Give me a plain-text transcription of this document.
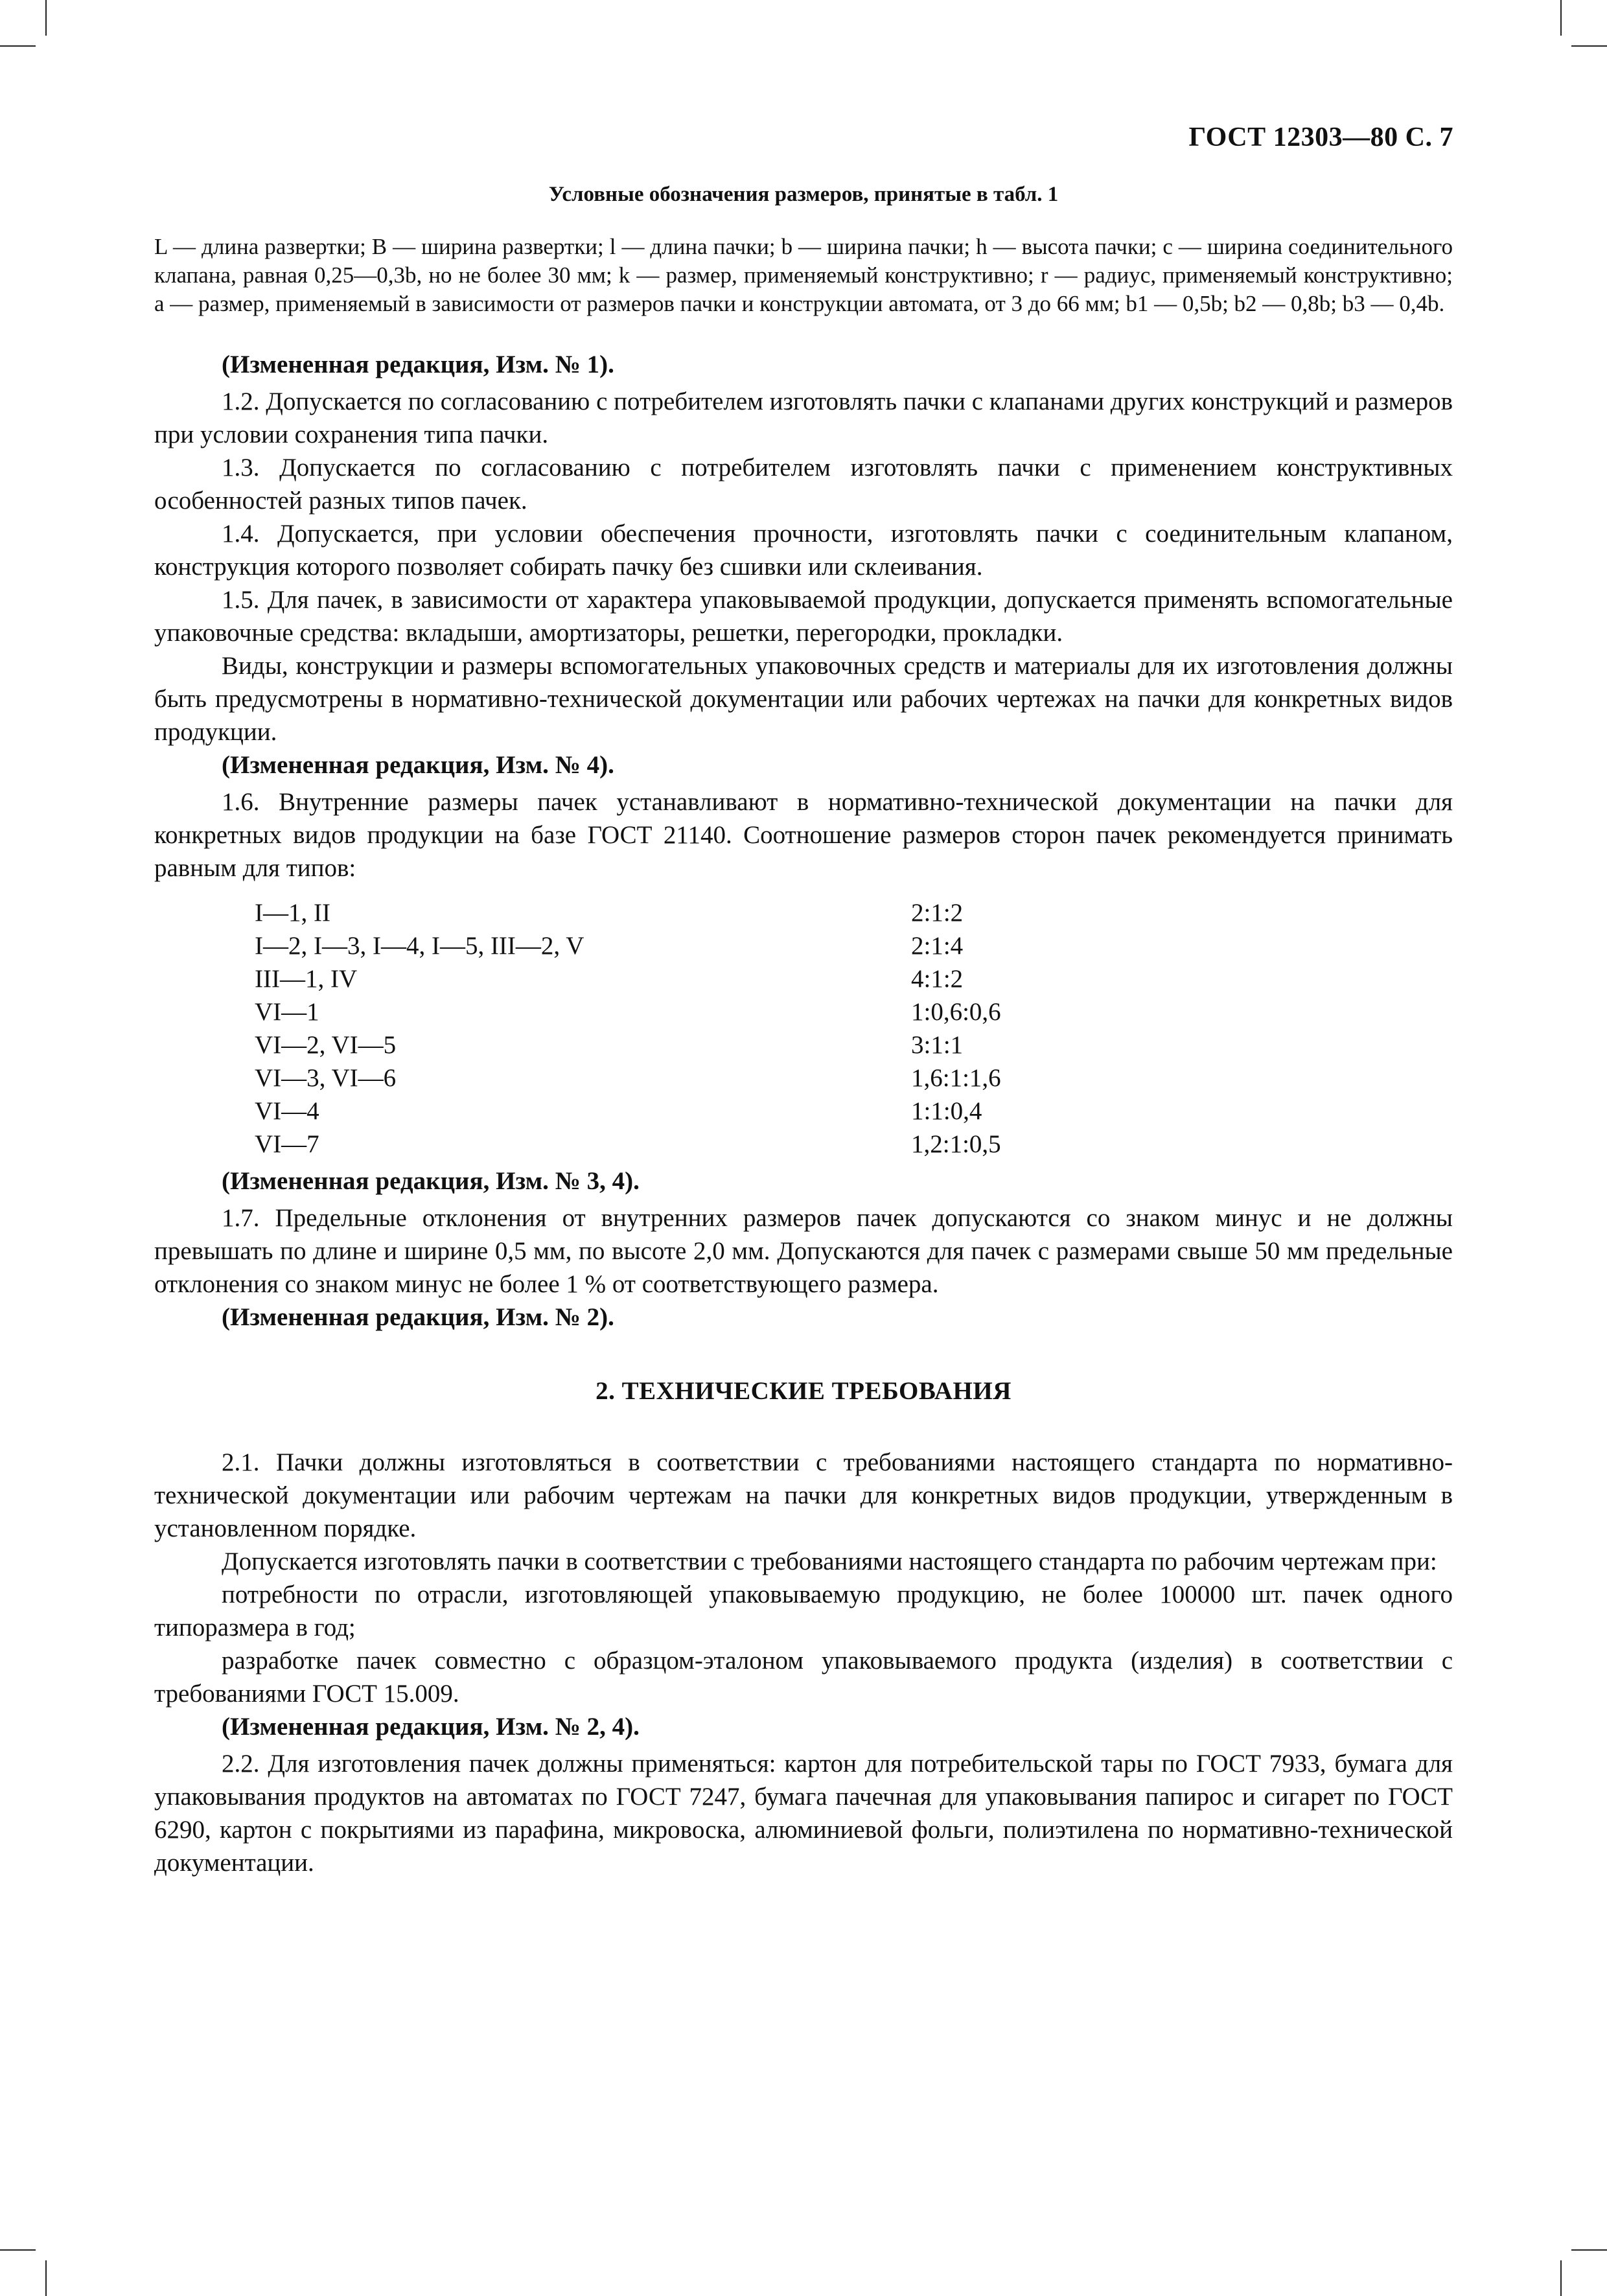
ГОСТ 12303—80 С. 7
Условные обозначения размеров, принятые в табл. 1
L — длина развертки; B — ширина развертки; l — длина пачки; b — ширина пачки; h — высота пачки; c — ширина соединительного клапана, равная 0,25—0,3b, но не более 30 мм; k — размер, применяемый конструктивно; r — радиус, применяемый конструктивно; a — размер, применяемый в зависимости от размеров пачки и конструкции автомата, от 3 до 66 мм; b1 — 0,5b; b2 — 0,8b; b3 — 0,4b.

(Измененная редакция, Изм. № 1).

1.2. Допускается по согласованию с потребителем изготовлять пачки с клапанами других конструкций и размеров при условии сохранения типа пачки.

1.3. Допускается по согласованию с потребителем изготовлять пачки с применением конструктивных особенностей разных типов пачек.

1.4. Допускается, при условии обеспечения прочности, изготовлять пачки с соединительным клапаном, конструкция которого позволяет собирать пачку без сшивки или склеивания.

1.5. Для пачек, в зависимости от характера упаковываемой продукции, допускается применять вспомогательные упаковочные средства: вкладыши, амортизаторы, решетки, перегородки, прокладки.

Виды, конструкции и размеры вспомогательных упаковочных средств и материалы для их изготовления должны быть предусмотрены в нормативно-технической документации или рабочих чертежах на пачки для конкретных видов продукции.

(Измененная редакция, Изм. № 4).

1.6. Внутренние размеры пачек устанавливают в нормативно-технической документации на пачки для конкретных видов продукции на базе ГОСТ 21140. Соотношение размеров сторон пачек рекомендуется принимать равным для типов:

I—1, II	2:1:2
I—2, I—3, I—4, I—5, III—2, V	2:1:4
III—1, IV	4:1:2
VI—1	1:0,6:0,6
VI—2, VI—5	3:1:1
VI—3, VI—6	1,6:1:1,6
VI—4	1:1:0,4
VI—7	1,2:1:0,5

(Измененная редакция, Изм. № 3, 4).

1.7. Предельные отклонения от внутренних размеров пачек допускаются со знаком минус и не должны превышать по длине и ширине 0,5 мм, по высоте 2,0 мм. Допускаются для пачек с размерами свыше 50 мм предельные отклонения со знаком минус не более 1 % от соответствующего размера.

(Измененная редакция, Изм. № 2).

2. ТЕХНИЧЕСКИЕ ТРЕБОВАНИЯ

2.1. Пачки должны изготовляться в соответствии с требованиями настоящего стандарта по нормативно-технической документации или рабочим чертежам на пачки для конкретных видов продукции, утвержденным в установленном порядке.

Допускается изготовлять пачки в соответствии с требованиями настоящего стандарта по рабочим чертежам при:

потребности по отрасли, изготовляющей упаковываемую продукцию, не более 100000 шт. пачек одного типоразмера в год;

разработке пачек совместно с образцом-эталоном упаковываемого продукта (изделия) в соответствии с требованиями ГОСТ 15.009.

(Измененная редакция, Изм. № 2, 4).

2.2. Для изготовления пачек должны применяться: картон для потребительской тары по ГОСТ 7933, бумага для упаковывания продуктов на автоматах по ГОСТ 7247, бумага пачечная для упаковывания папирос и сигарет по ГОСТ 6290, картон с покрытиями из парафина, микровоска, алюминиевой фольги, полиэтилена по нормативно-технической документации.
